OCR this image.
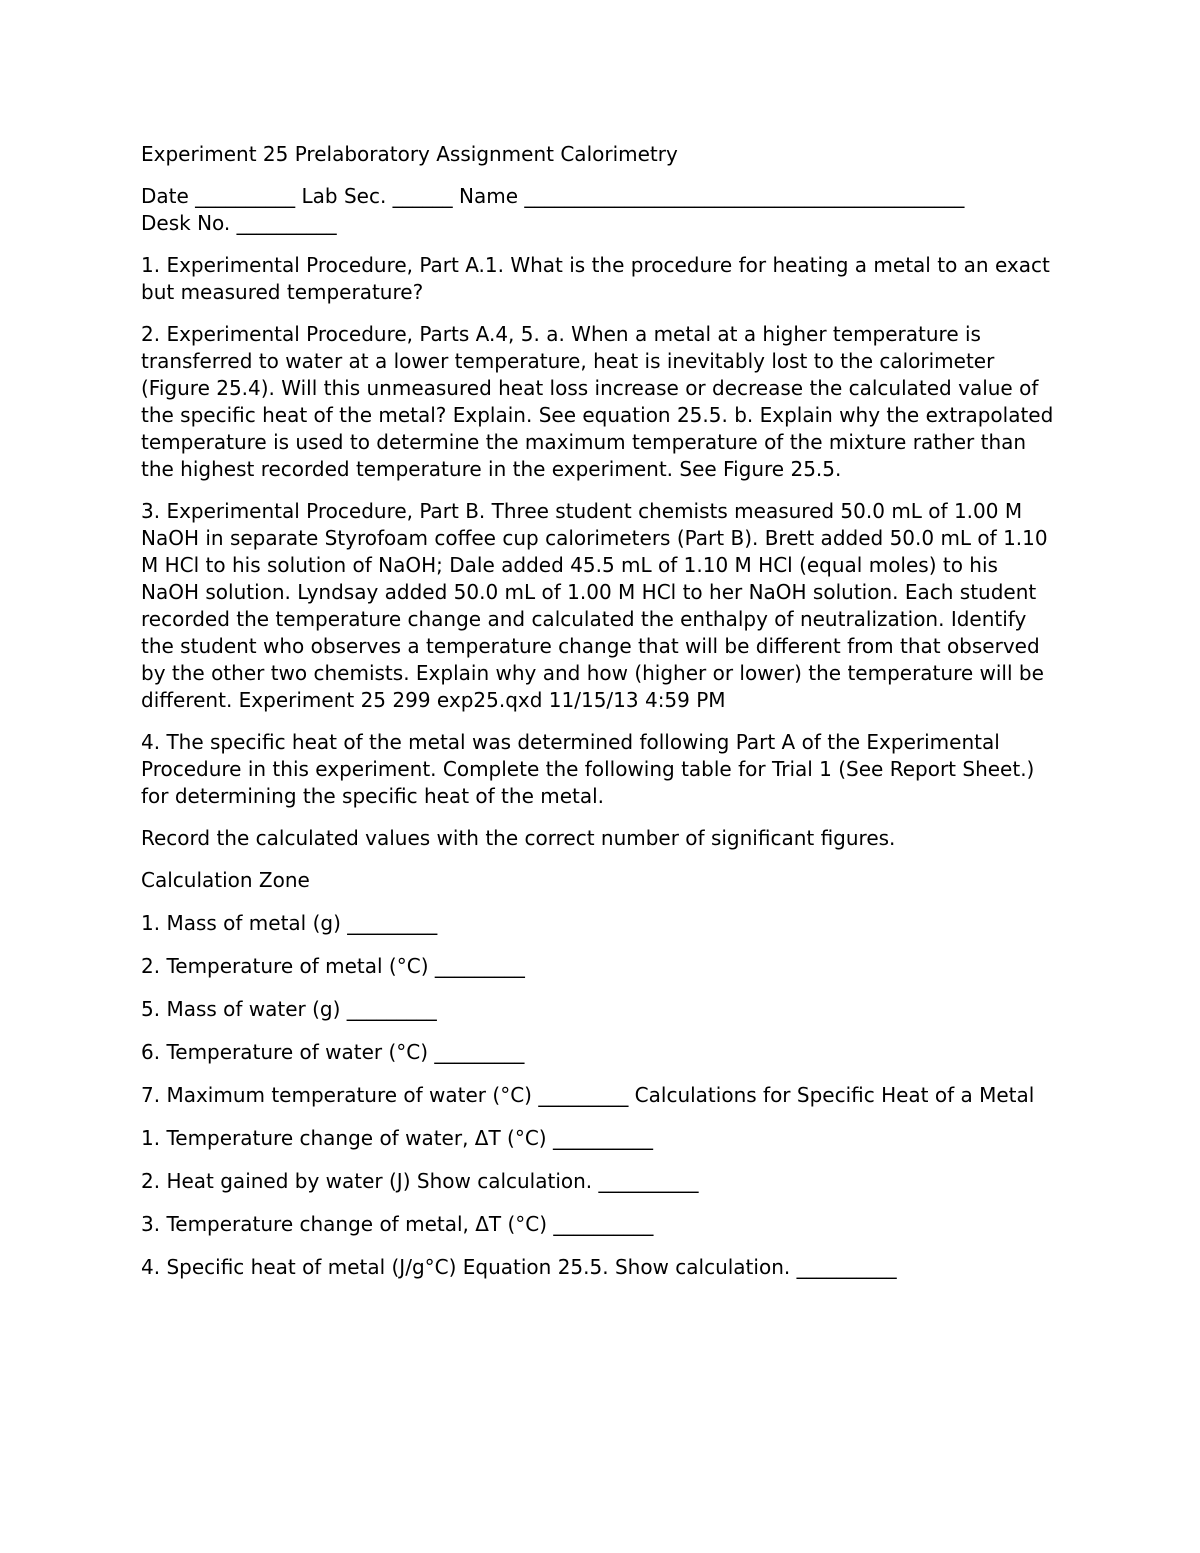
Experiment 25 Prelaboratory Assignment Calorimetry

Date __________ Lab Sec. ______ Name ____________________________________________

Desk No. __________

1. Experimental Procedure, Part A.1. What is the procedure for heating a metal to an exact but measured temperature?

2. Experimental Procedure, Parts A.4, 5. a. When a metal at a higher temperature is transferred to water at a lower temperature, heat is inevitably lost to the calorimeter (Figure 25.4). Will this unmeasured heat loss increase or decrease the calculated value of the specific heat of the metal? Explain. See equation 25.5. b. Explain why the extrapolated temperature is used to determine the maximum temperature of the mixture rather than the highest recorded temperature in the experiment. See Figure 25.5.

3. Experimental Procedure, Part B. Three student chemists measured 50.0 mL of 1.00 M NaOH in separate Styrofoam coffee cup calorimeters (Part B). Brett added 50.0 mL of 1.10 M HCl to his solution of NaOH; Dale added 45.5 mL of 1.10 M HCl (equal moles) to his NaOH solution. Lyndsay added 50.0 mL of 1.00 M HCl to her NaOH solution. Each student recorded the temperature change and calculated the enthalpy of neutralization. Identify the student who observes a temperature change that will be different from that observed by the other two chemists. Explain why and how (higher or lower) the temperature will be different. Experiment 25 299 exp25.qxd 11/15/13 4:59 PM

4. The specific heat of the metal was determined following Part A of the Experimental Procedure in this experiment. Complete the following table for Trial 1 (See Report Sheet.) for determining the specific heat of the metal.

Record the calculated values with the correct number of significant figures.

Calculation Zone

1. Mass of metal (g) _________

2. Temperature of metal (°C) _________

5. Mass of water (g) _________

6. Temperature of water (°C) _________

7. Maximum temperature of water (°C) _________ Calculations for Specific Heat of a Metal

1. Temperature change of water, ΔT (°C) __________

2. Heat gained by water (J) Show calculation. __________

3. Temperature change of metal, ΔT (°C) __________

4. Specific heat of metal (J/g°C) Equation 25.5. Show calculation. __________
